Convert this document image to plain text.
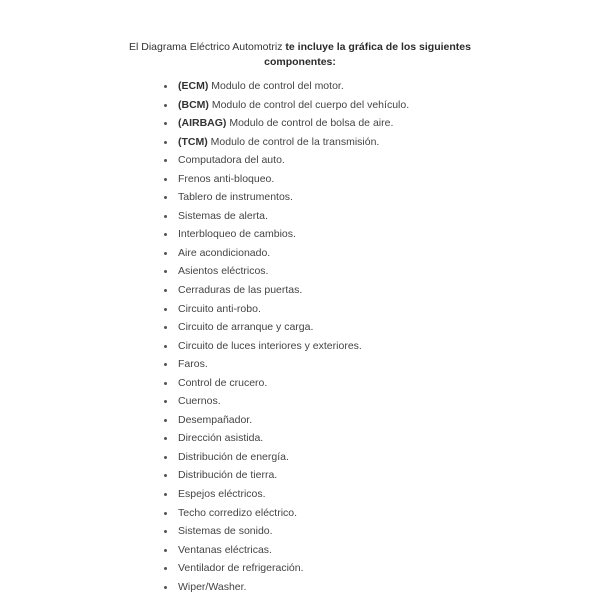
El Diagrama Eléctrico Automotriz te incluye la gráfica de los siguientes componentes:
(ECM) Modulo de control del motor.
(BCM) Modulo de control del cuerpo del vehículo.
(AIRBAG) Modulo de control de bolsa de aire.
(TCM) Modulo de control de la transmisión.
Computadora del auto.
Frenos anti-bloqueo.
Tablero de instrumentos.
Sistemas de alerta.
Interbloqueo de cambios.
Aire acondicionado.
Asientos eléctricos.
Cerraduras de las puertas.
Circuito anti-robo.
Circuito de arranque y carga.
Circuito de luces interiores y exteriores.
Faros.
Control de crucero.
Cuernos.
Desempañador.
Dirección asistida.
Distribución de energía.
Distribución de tierra.
Espejos eléctricos.
Techo corredizo eléctrico.
Sistemas de sonido.
Ventanas eléctricas.
Ventilador de refrigeración.
Wiper/Washer.
